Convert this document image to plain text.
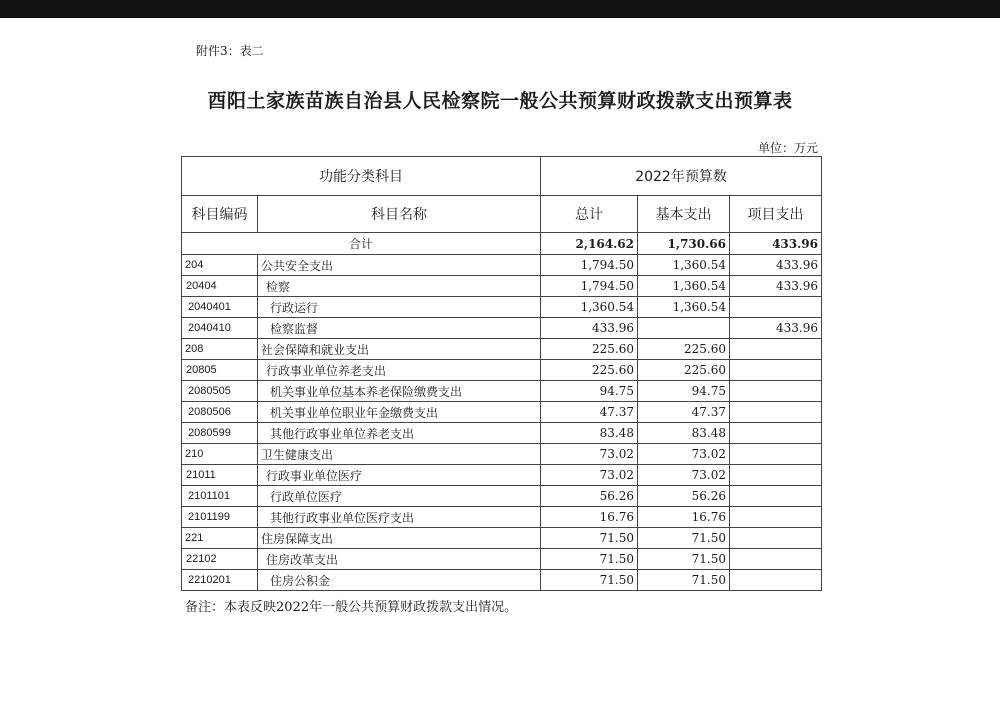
附件3：表二
酉阳土家族苗族自治县人民检察院一般公共预算财政拨款支出预算表
单位：万元
功能分类科目		2022年预算数		
科目编码	科目名称	总计	基本支出	项目支出
合计		2,164.62	1,730.66	433.96
204	公共安全支出	1,794.50	1,360.54	433.96
20404	检察	1,794.50	1,360.54	433.96
2040401	行政运行	1,360.54	1,360.54	
2040410	检察监督	433.96		433.96
208	社会保障和就业支出	225.60	225.60	
20805	行政事业单位养老支出	225.60	225.60	
2080505	机关事业单位基本养老保险缴费支出	94.75	94.75	
2080506	机关事业单位职业年金缴费支出	47.37	47.37	
2080599	其他行政事业单位养老支出	83.48	83.48	
210	卫生健康支出	73.02	73.02	
21011	行政事业单位医疗	73.02	73.02	
2101101	行政单位医疗	56.26	56.26	
2101199	其他行政事业单位医疗支出	16.76	16.76	
221	住房保障支出	71.50	71.50	
22102	住房改革支出	71.50	71.50	
2210201	住房公积金	71.50	71.50	
备注：本表反映2022年一般公共预算财政拨款支出情况。
